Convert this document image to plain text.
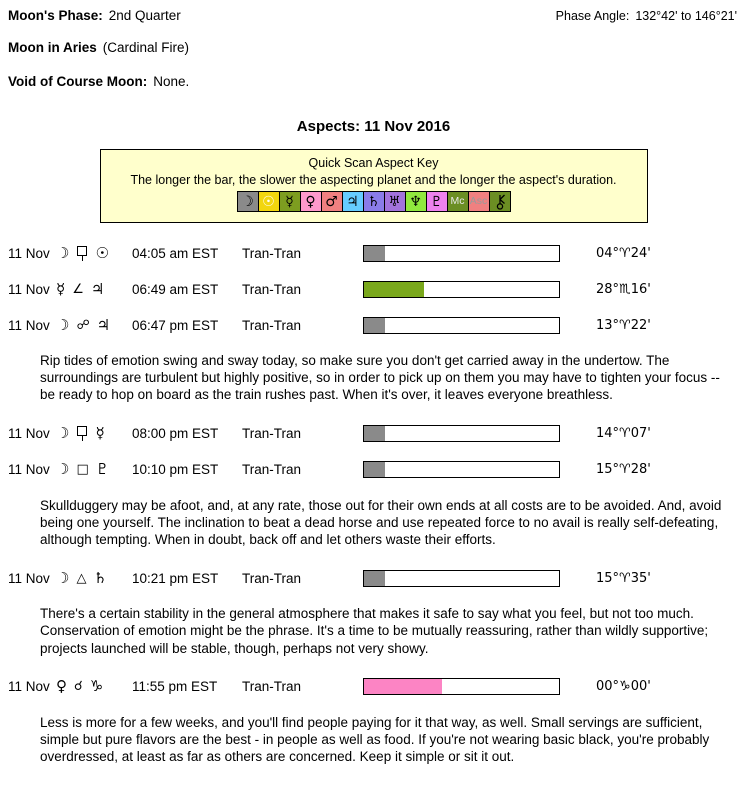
Moon's Phase: 2nd Quarter	Phase Angle: 132°42' to 146°21'
Moon in Aries (Cardinal Fire)
Void of Course Moon: None.
Aspects: 11 Nov 2016
Quick Scan Aspect Key
The longer the bar, the slower the aspecting planet and the longer the aspect's duration.
☽ ☉ ☿ ♀ ♂ ♃ ♄ ♅ ♆ ♇ Mc Asc
11 Nov ☽ ☉ 04:05 am EST	Tran-Tran	04°♈24'
11 Nov ☿ ∠ ♃ 06:49 am EST	Tran-Tran	28°♏16'
11 Nov ☽ ☍ ♃ 06:47 pm EST	Tran-Tran	13°♈22'
Rip tides of emotion swing and sway today, so make sure you don't get carried away in the undertow. The surroundings are turbulent but highly positive, so in order to pick up on them you may have to tighten your focus -- be ready to hop on board as the train rushes past. When it's over, it leaves everyone breathless.
11 Nov ☽ ☿ 08:00 pm EST	Tran-Tran	14°♈07'
11 Nov ☽ □ ♇ 10:10 pm EST	Tran-Tran	15°♈28'
Skullduggery may be afoot, and, at any rate, those out for their own ends at all costs are to be avoided. And, avoid being one yourself. The inclination to beat a dead horse and use repeated force to no avail is really self-defeating, although tempting. When in doubt, back off and let others waste their efforts.
11 Nov ☽ △ ♄ 10:21 pm EST	Tran-Tran	15°♈35'
There's a certain stability in the general atmosphere that makes it safe to say what you feel, but not too much. Conservation of emotion might be the phrase. It's a time to be mutually reassuring, rather than wildly supportive; projects launched will be stable, though, perhaps not very showy.
11 Nov ♀ ☌ ♑ 11:55 pm EST	Tran-Tran	00°♑00'
Less is more for a few weeks, and you'll find people paying for it that way, as well. Small servings are sufficient, simple but pure flavors are the best - in people as well as food. If you're not wearing basic black, you're probably overdressed, at least as far as others are concerned. Keep it simple or sit it out.
